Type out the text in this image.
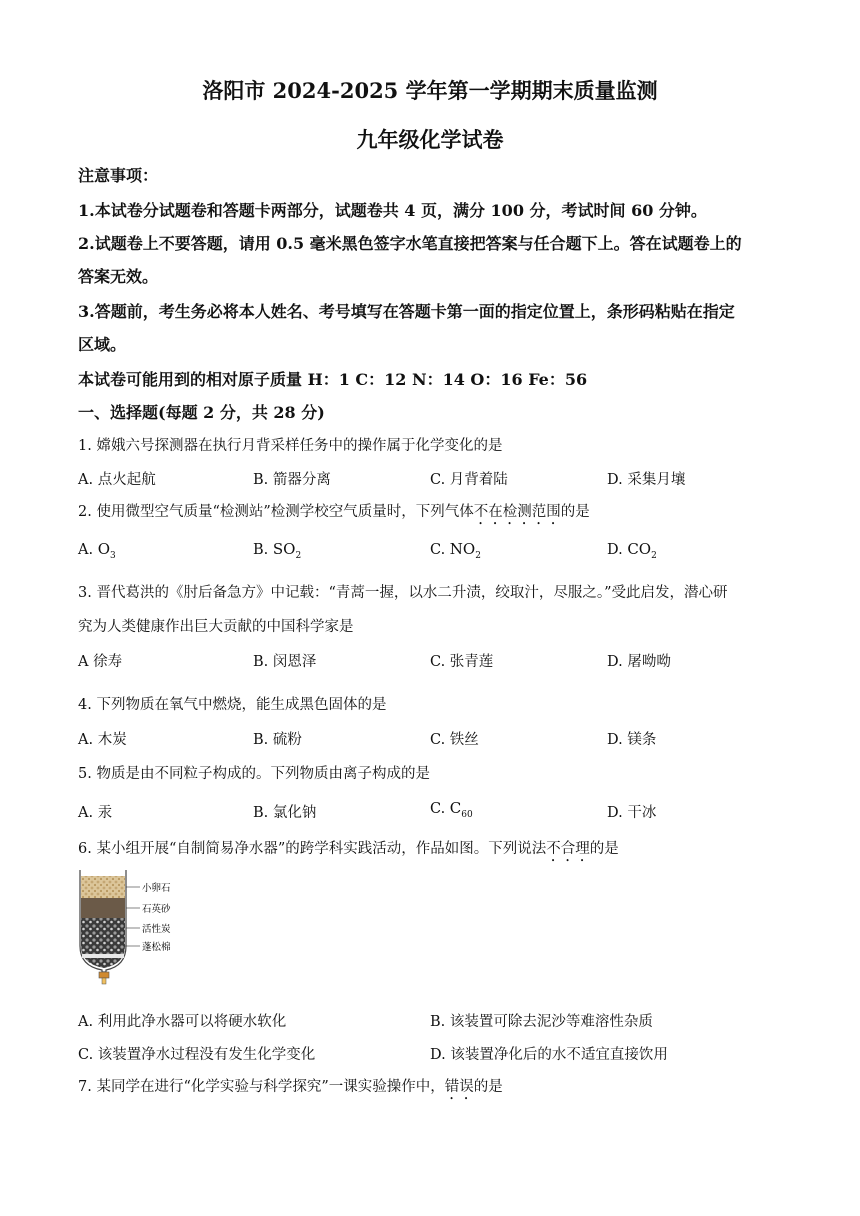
洛阳市 2024-2025 学年第一学期期末质量监测
九年级化学试卷
注意事项：
1.本试卷分试题卷和答题卡两部分，试题卷共 4 页，满分 100 分，考试时间 60 分钟。
2.试题卷上不要答题，请用 0.5 毫米黑色签字水笔直接把答案与任合题下上。答在试题卷上的
答案无效。
3.答题前，考生务必将本人姓名、考号填写在答题卡第一面的指定位置上，条形码粘贴在指定
区域。
本试卷可能用到的相对原子质量 H：1 C：12 N：14 O：16 Fe：56
一、选择题(每题 2 分，共 28 分)
1. 嫦娥六号探测器在执行月背采样任务中的操作属于化学变化的是
A. 点火起航	B. 箭器分离	C. 月背着陆	D. 采集月壤
2. 使用微型空气质量“检测站”检测学校空气质量时，下列气体不在检测范围的是
A. $O_3$	B. $SO_2$	C. $NO_2$	D. $CO_2$
3. 晋代葛洪的《肘后备急方》中记载：“青蒿一握，以水二升渍，绞取汁，尽服之。”受此启发，潜心研
究为人类健康作出巨大贡献的中国科学家是
A 徐寿	B. 闵恩泽	C. 张青莲	D. 屠呦呦
4. 下列物质在氧气中燃烧，能生成黑色固体的是
A. 木炭	B. 硫粉	C. 铁丝	D. 镁条
5. 物质是由不同粒子构成的。下列物质由离子构成的是
A. 汞	B. 氯化钠	C. $C_{60}$	D. 干冰
6. 某小组开展“自制简易净水器”的跨学科实践活动，作品如图。下列说法不合理的是
小卵石
石英砂
活性炭
蓬松棉
A. 利用此净水器可以将硬水软化	B. 该装置可除去泥沙等难溶性杂质
C. 该装置净水过程没有发生化学变化	D. 该装置净化后的水不适宜直接饮用
7. 某同学在进行“化学实验与科学探究”一课实验操作中，错误的是
